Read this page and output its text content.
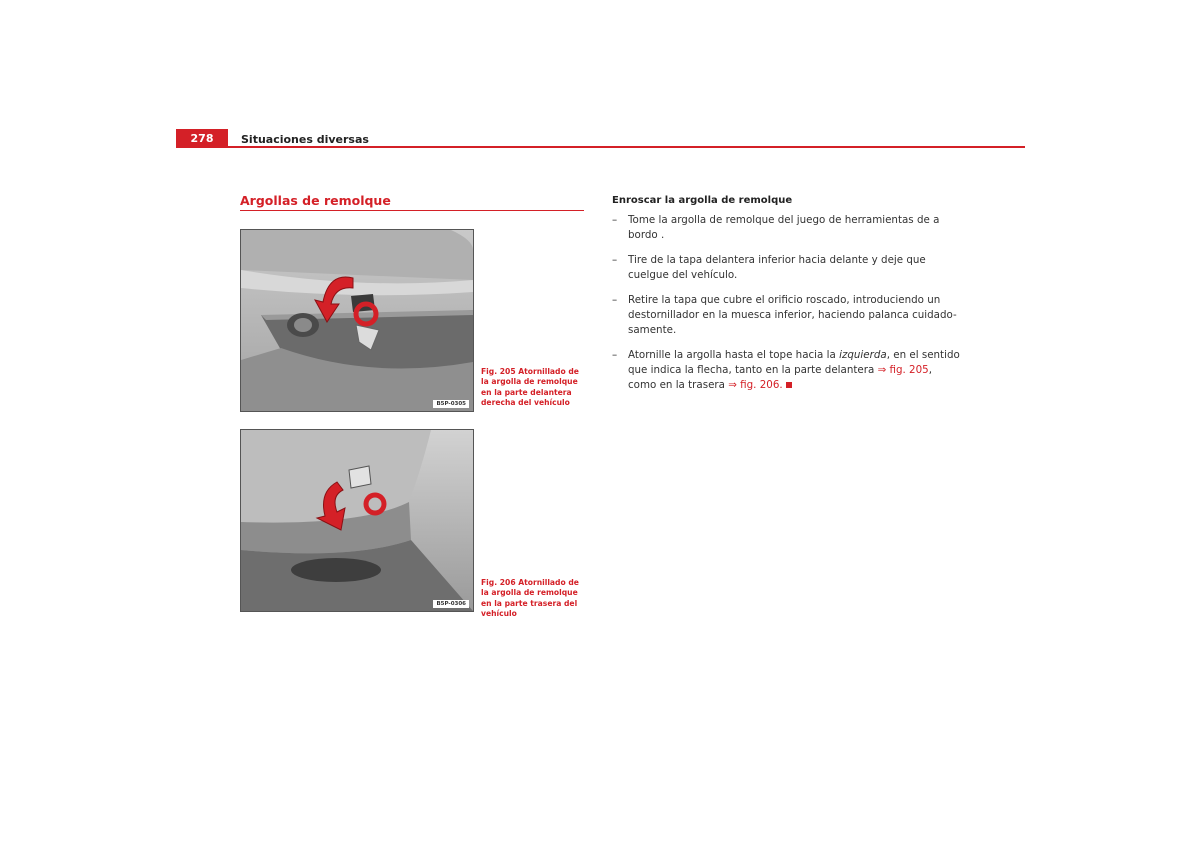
278	Situaciones diversas
Argollas de remolque
B5P-0305
Fig. 205 Atornillado de la argolla de remolque en la parte delantera derecha del vehículo
B5P-0306
Fig. 206 Atornillado de la argolla de remolque en la parte trasera del vehículo
Enroscar la argolla de remolque
– Tome la argolla de remolque del juego de herramientas de a bordo .
– Tire de la tapa delantera inferior hacia delante y deje que cuelgue del vehículo.
– Retire la tapa que cubre el orificio roscado, introduciendo un destornillador en la muesca inferior, haciendo palanca cuidado-samente.
– Atornille la argolla hasta el tope hacia la izquierda, en el sentido que indica la flecha, tanto en la parte delantera ⇒ fig. 205, como en la trasera ⇒ fig. 206.
